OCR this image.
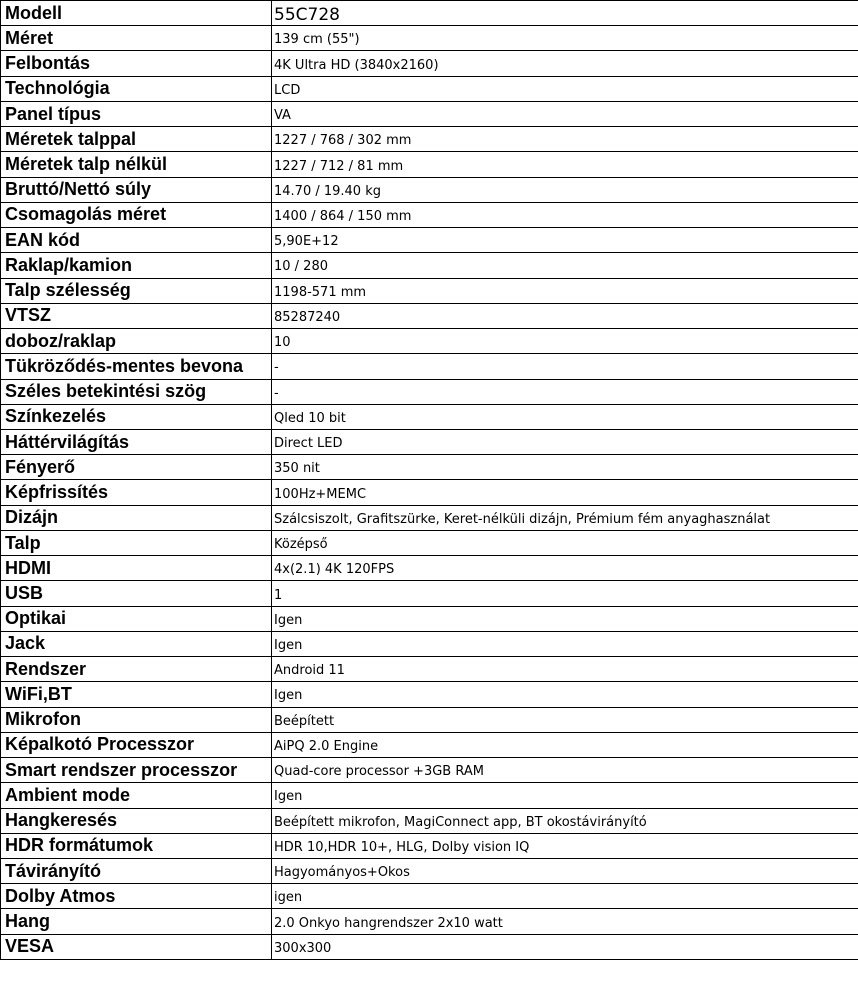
Modell	55C728
Méret	139 cm (55")
Felbontás	4K Ultra HD (3840x2160)
Technológia	LCD
Panel típus	VA
Méretek talppal	1227 / 768 / 302 mm
Méretek talp nélkül	1227 / 712 / 81 mm
Bruttó/Nettó súly	14.70 / 19.40 kg
Csomagolás méret	1400 / 864 / 150 mm
EAN kód	5,90E+12
Raklap/kamion	10 / 280
Talp szélesség	1198-571 mm
VTSZ	85287240
doboz/raklap	10
Tükröződés-mentes bevona	-
Széles betekintési szög	-
Színkezelés	Qled 10 bit
Háttérvilágítás	Direct LED
Fényerő	350 nit
Képfrissítés	100Hz+MEMC
Dizájn	Szálcsiszolt, Grafitszürke, Keret-nélküli dizájn, Prémium fém anyaghasználat
Talp	Középső
HDMI	4x(2.1) 4K 120FPS
USB	1
Optikai	Igen
Jack	Igen
Rendszer	Android 11
WiFi,BT	Igen
Mikrofon	Beépített
Képalkotó Processzor	AiPQ 2.0 Engine
Smart rendszer processzor	Quad-core processor +3GB RAM
Ambient mode	Igen
Hangkeresés	Beépített mikrofon, MagiConnect app, BT okostávirányító
HDR formátumok	HDR 10,HDR 10+, HLG, Dolby vision IQ
Távirányító	Hagyományos+Okos
Dolby Atmos	igen
Hang	2.0 Onkyo hangrendszer 2x10 watt
VESA	300x300
